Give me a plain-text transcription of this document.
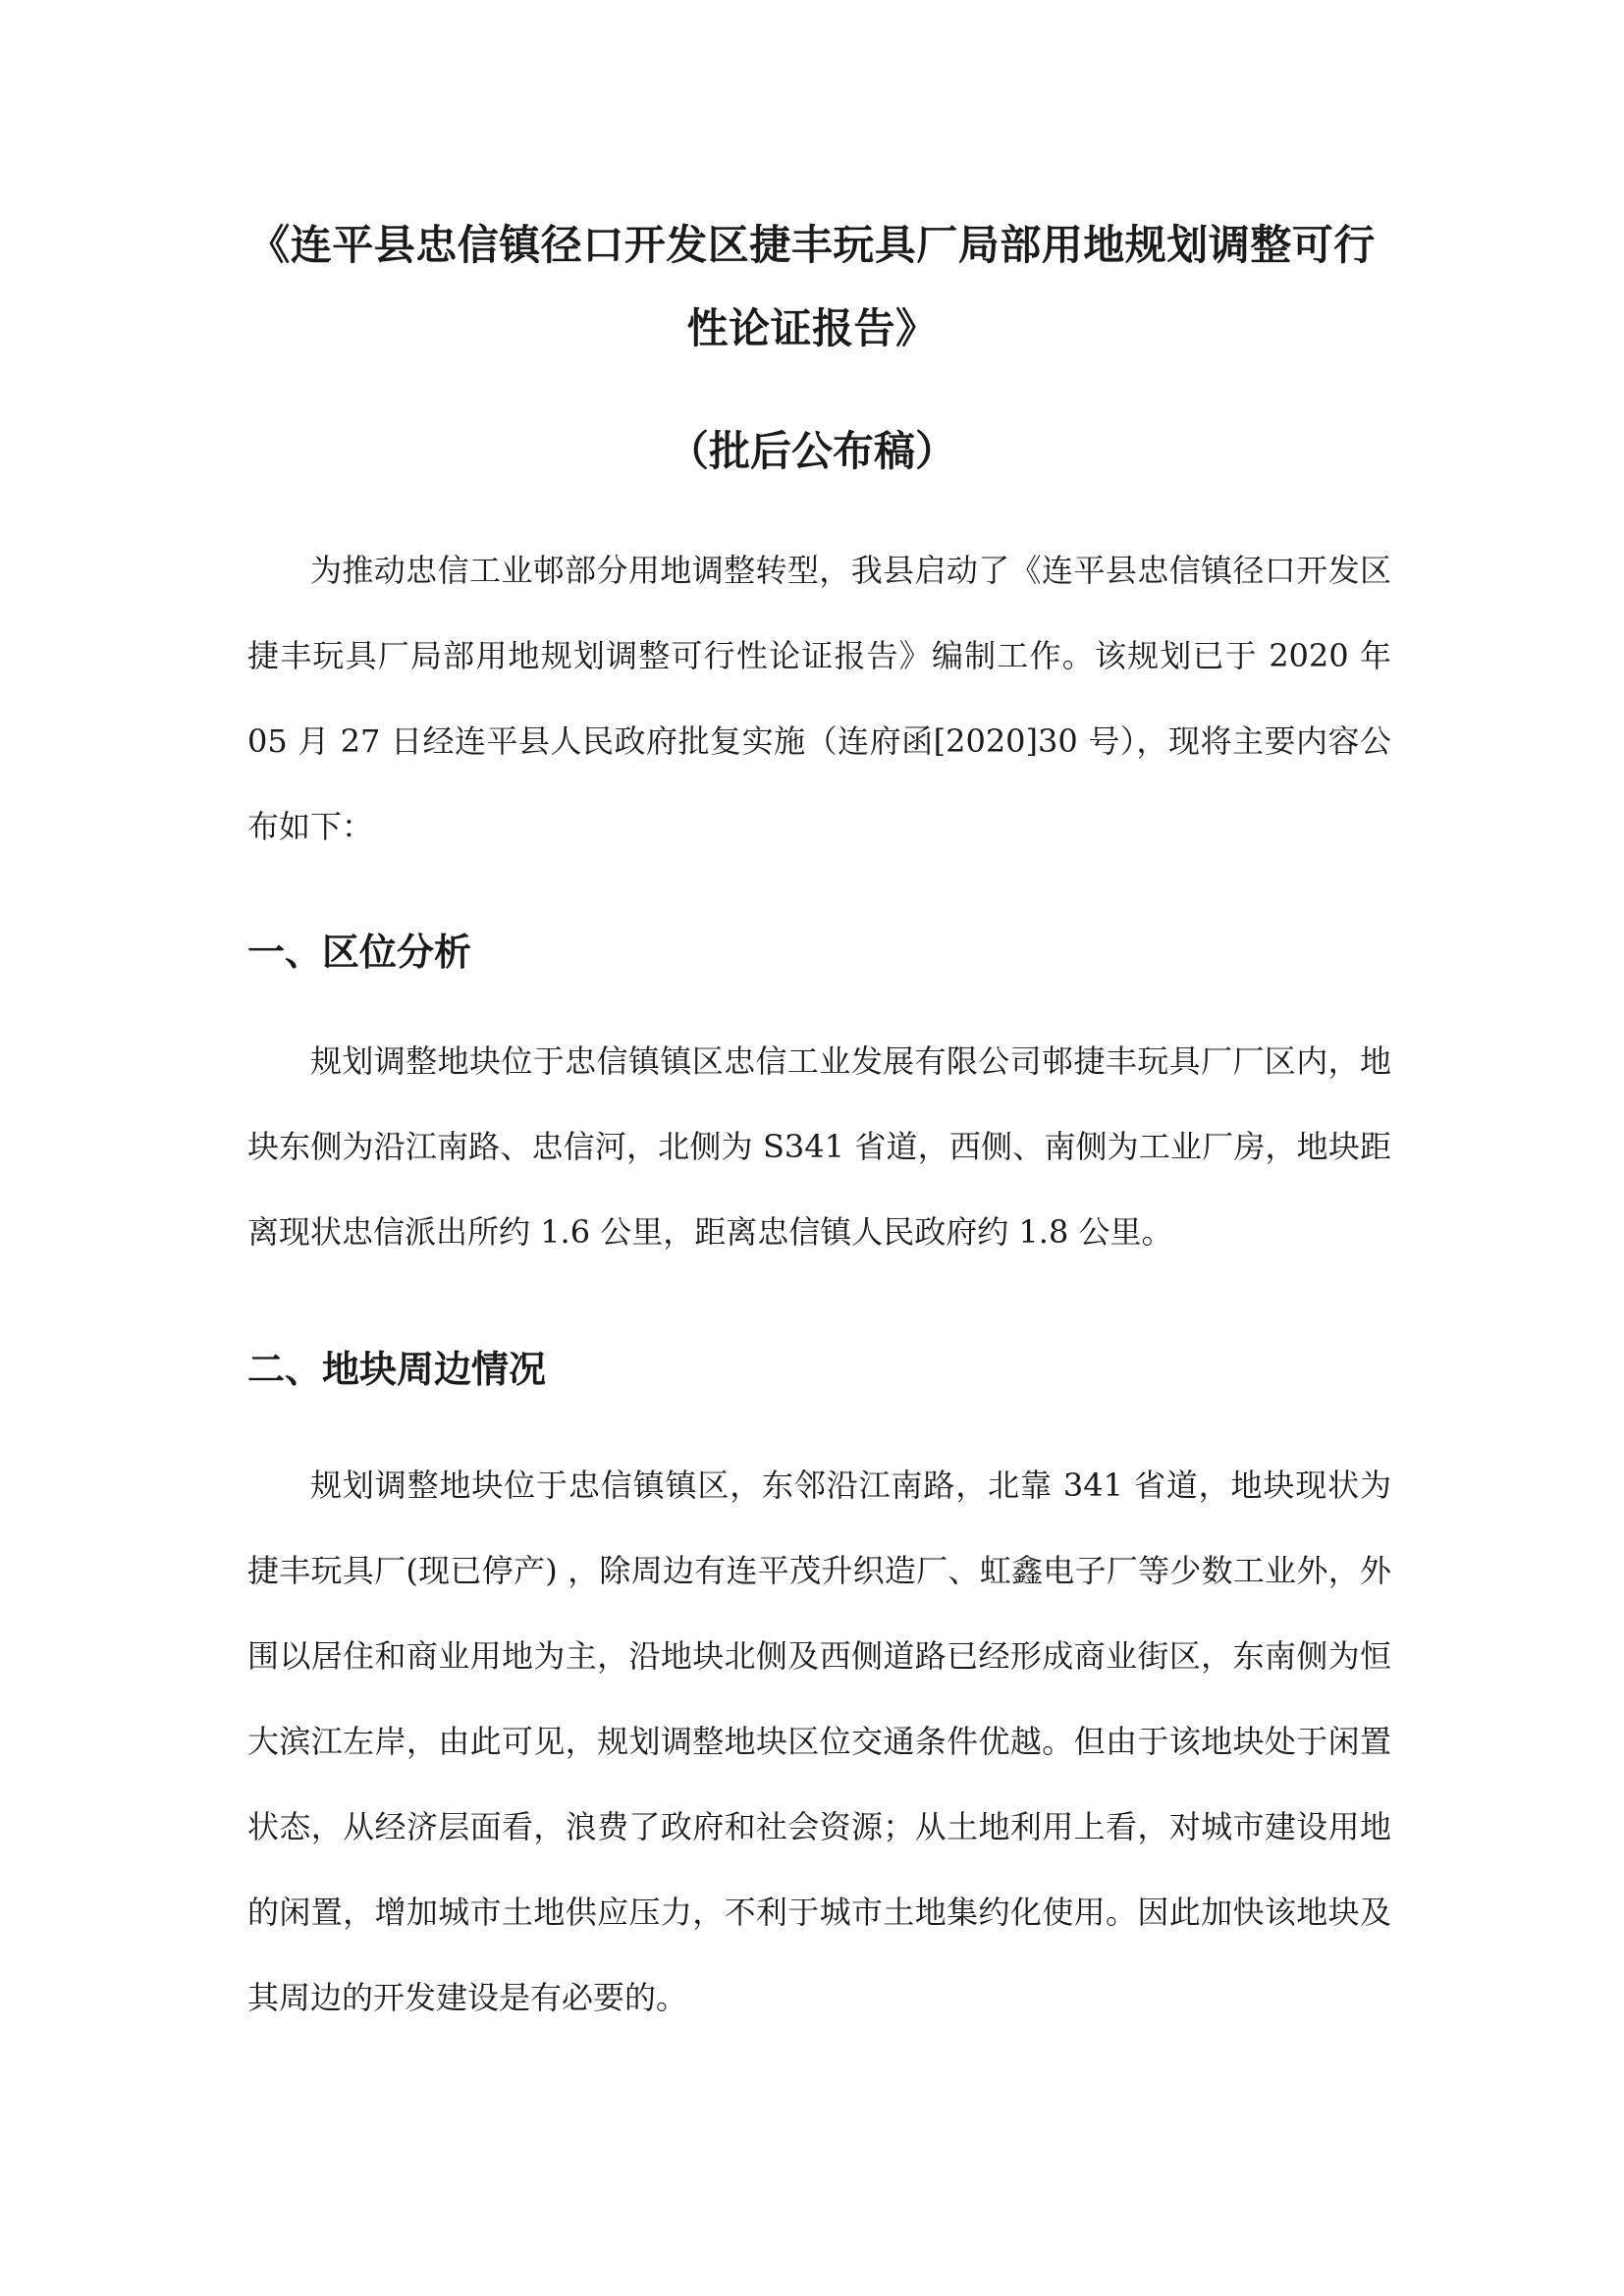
《连平县忠信镇径口开发区捷丰玩具厂局部用地规划调整可行
性论证报告》
（批后公布稿）

为推动忠信工业邨部分用地调整转型，我县启动了《连平县忠信镇径口开发区捷丰玩具厂局部用地规划调整可行性论证报告》编制工作。该规划已于 2020 年 05 月 27 日经连平县人民政府批复实施（连府函[2020]30 号），现将主要内容公布如下：

一、区位分析

规划调整地块位于忠信镇镇区忠信工业发展有限公司邨捷丰玩具厂厂区内，地块东侧为沿江南路、忠信河，北侧为 S341 省道，西侧、南侧为工业厂房，地块距离现状忠信派出所约 1.6 公里，距离忠信镇人民政府约 1.8 公里。

二、地块周边情况

规划调整地块位于忠信镇镇区，东邻沿江南路，北靠 341 省道，地块现状为捷丰玩具厂(现已停产) ，除周边有连平茂升织造厂、虹鑫电子厂等少数工业外，外围以居住和商业用地为主，沿地块北侧及西侧道路已经形成商业街区，东南侧为恒大滨江左岸，由此可见，规划调整地块区位交通条件优越。但由于该地块处于闲置状态，从经济层面看，浪费了政府和社会资源；从土地利用上看，对城市建设用地的闲置，增加城市土地供应压力，不利于城市土地集约化使用。因此加快该地块及其周边的开发建设是有必要的。
